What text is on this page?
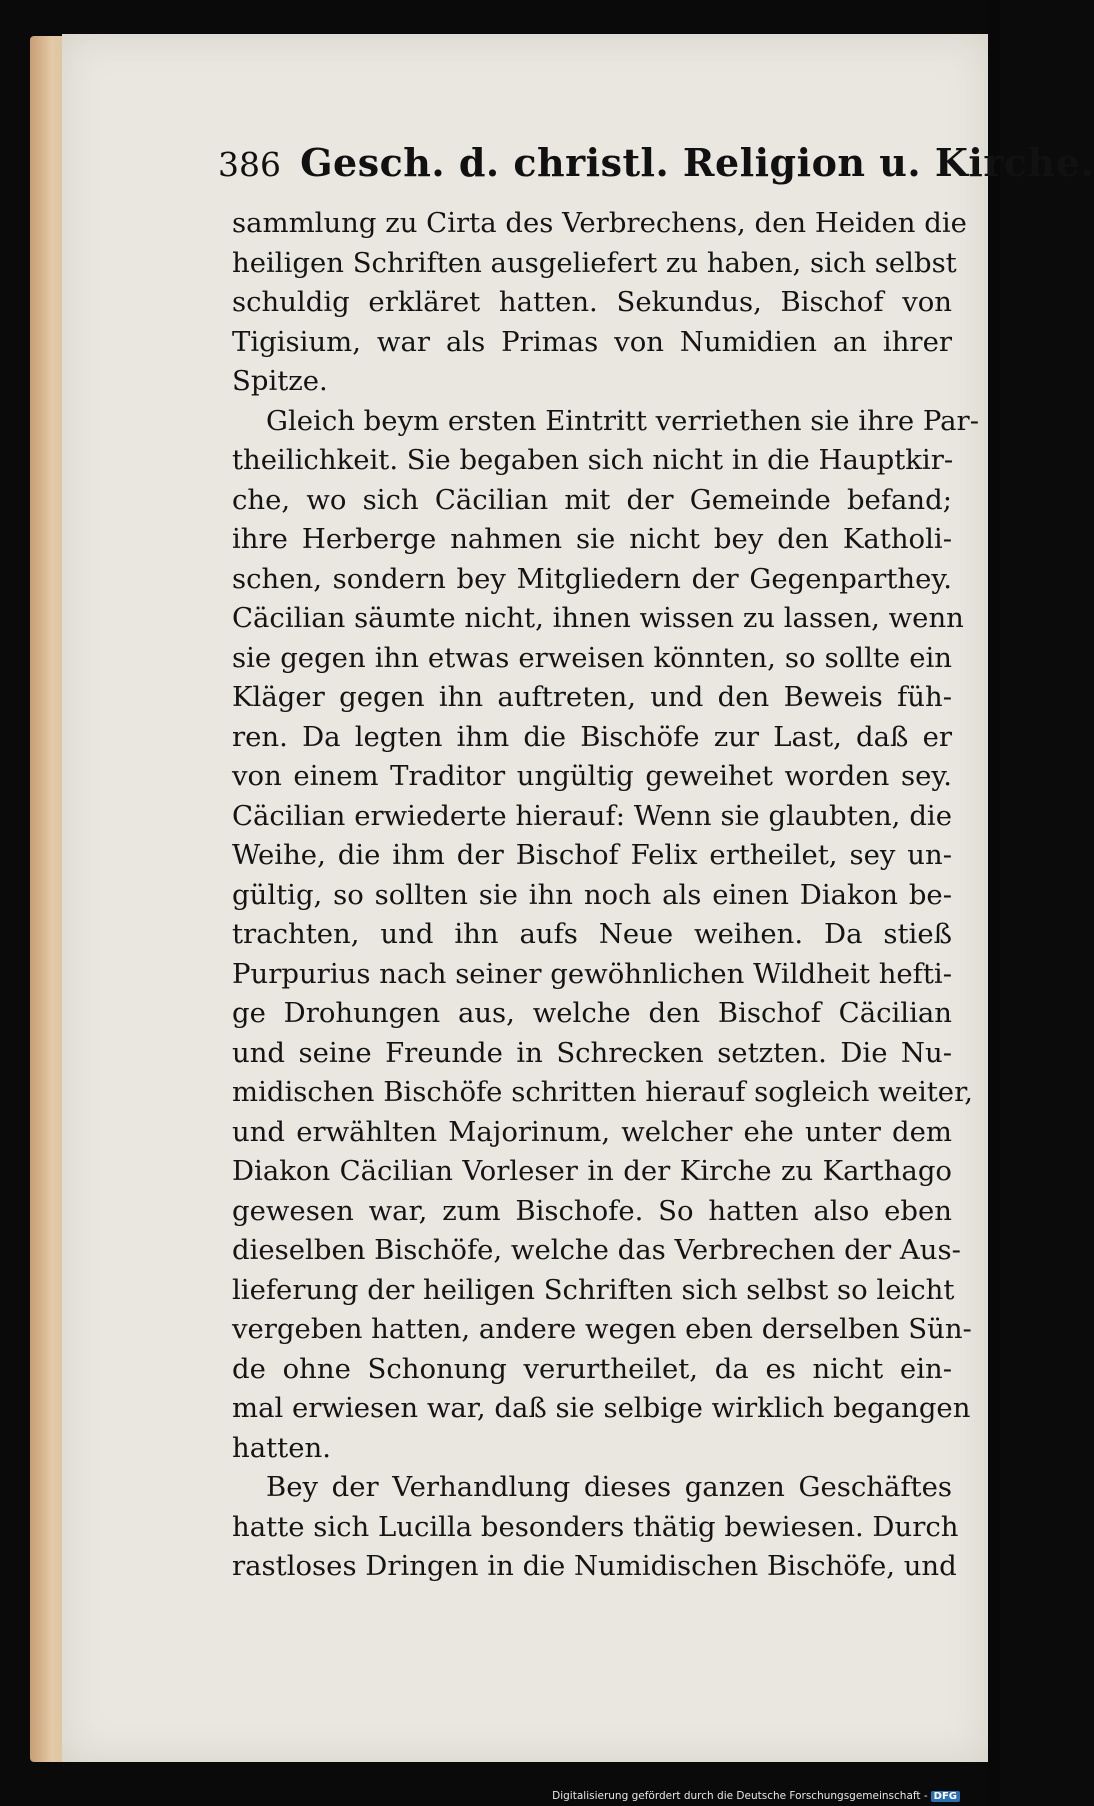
386 Gesch. d. christl. Religion u. Kirche.
sammlung zu Cirta des Verbrechens, den Heiden die
heiligen Schriften ausgeliefert zu haben, sich selbst
schuldig erkläret hatten. Sekundus, Bischof von
Tigisium, war als Primas von Numidien an ihrer
Spitze.
Gleich beym ersten Eintritt verriethen sie ihre Par-
theilichkeit. Sie begaben sich nicht in die Hauptkir-
che, wo sich Cäcilian mit der Gemeinde befand;
ihre Herberge nahmen sie nicht bey den Katholi-
schen, sondern bey Mitgliedern der Gegenparthey.
Cäcilian säumte nicht, ihnen wissen zu lassen, wenn
sie gegen ihn etwas erweisen könnten, so sollte ein
Kläger gegen ihn auftreten, und den Beweis füh-
ren. Da legten ihm die Bischöfe zur Last, daß er
von einem Traditor ungültig geweihet worden sey.
Cäcilian erwiederte hierauf: Wenn sie glaubten, die
Weihe, die ihm der Bischof Felix ertheilet, sey un-
gültig, so sollten sie ihn noch als einen Diakon be-
trachten, und ihn aufs Neue weihen. Da stieß
Purpurius nach seiner gewöhnlichen Wildheit hefti-
ge Drohungen aus, welche den Bischof Cäcilian
und seine Freunde in Schrecken setzten. Die Nu-
midischen Bischöfe schritten hierauf sogleich weiter,
und erwählten Majorinum, welcher ehe unter dem
Diakon Cäcilian Vorleser in der Kirche zu Karthago
gewesen war, zum Bischofe. So hatten also eben
dieselben Bischöfe, welche das Verbrechen der Aus-
lieferung der heiligen Schriften sich selbst so leicht
vergeben hatten, andere wegen eben derselben Sün-
de ohne Schonung verurtheilet, da es nicht ein-
mal erwiesen war, daß sie selbige wirklich begangen
hatten.
Bey der Verhandlung dieses ganzen Geschäftes
hatte sich Lucilla besonders thätig bewiesen. Durch
rastloses Dringen in die Numidischen Bischöfe, und
Digitalisierung gefördert durch die Deutsche Forschungsgemeinschaft - DFG
